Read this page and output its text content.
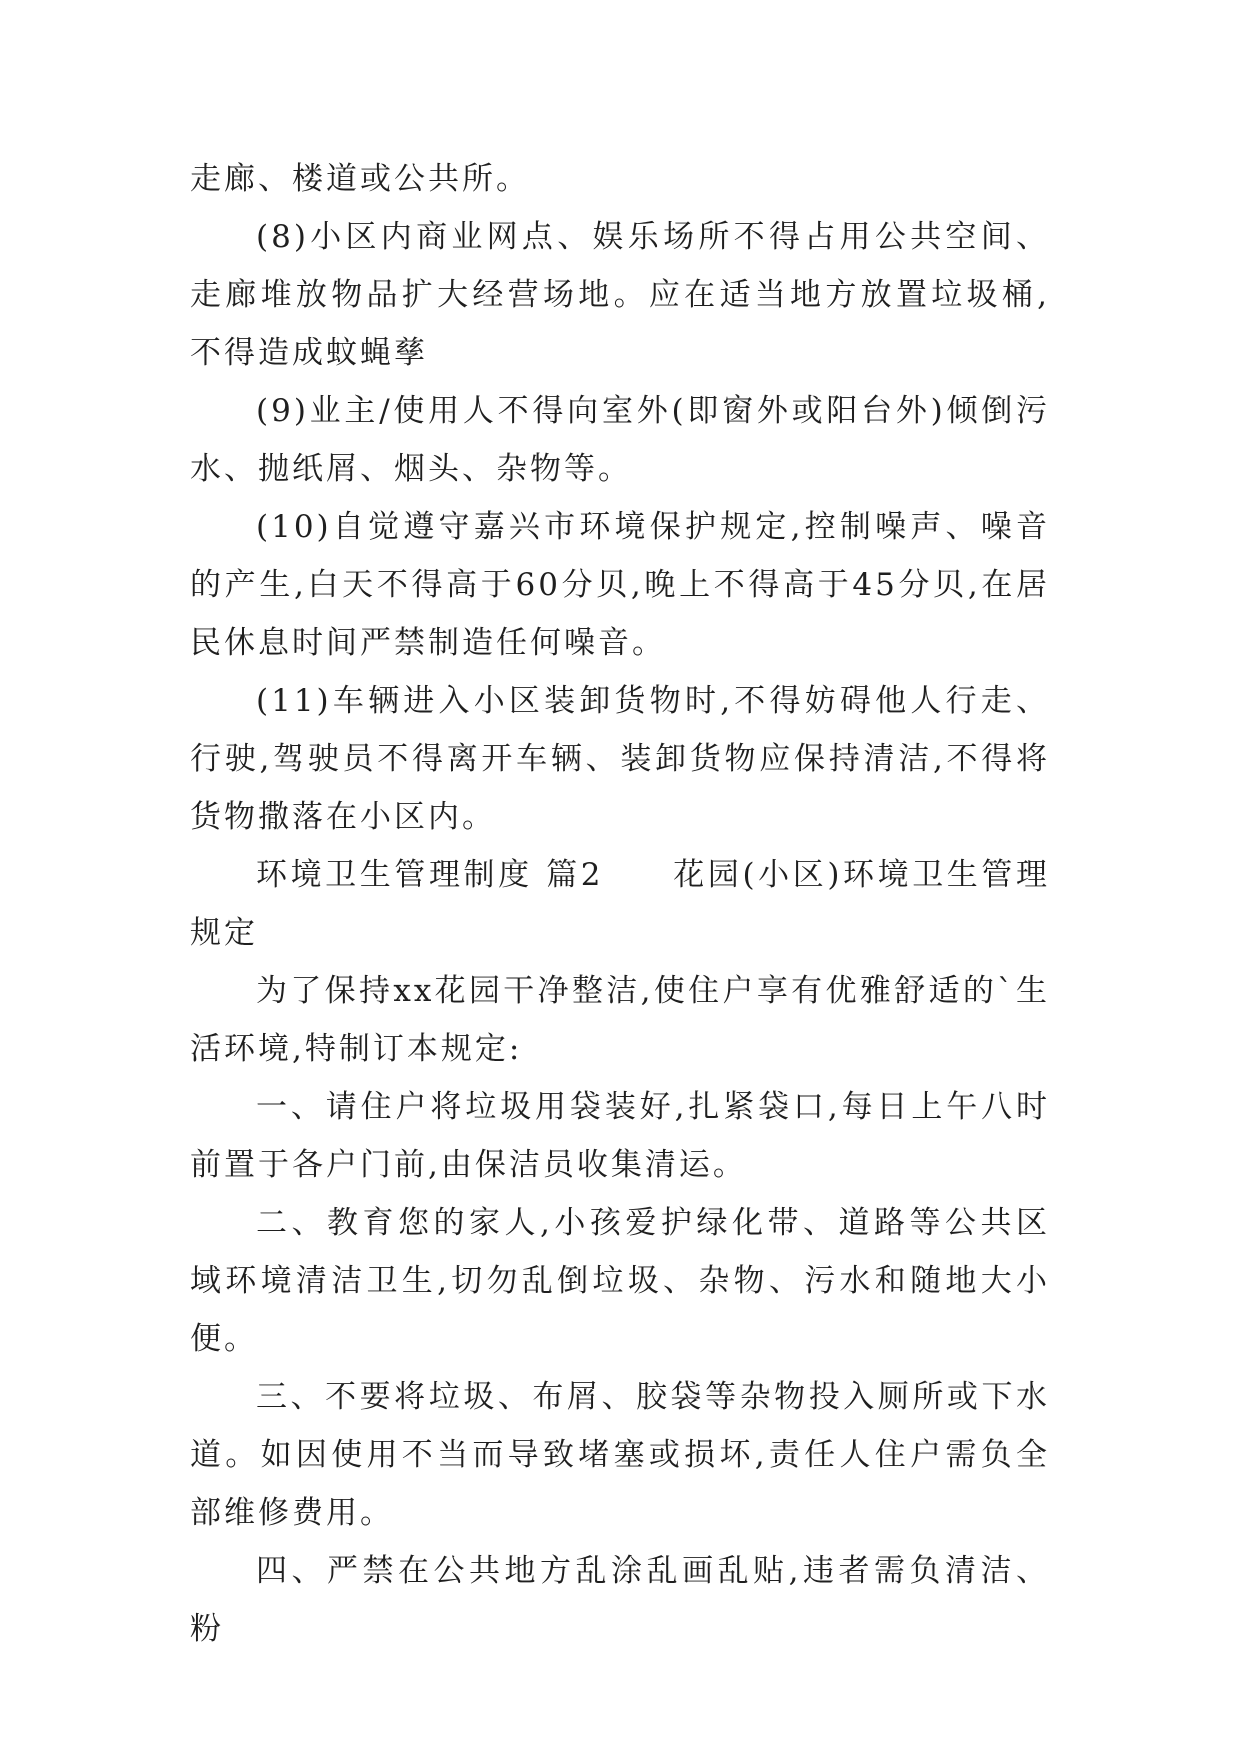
走廊、楼道或公共所。

(8)小区内商业网点、娱乐场所不得占用公共空间、走廊堆放物品扩大经营场地。应在适当地方放置垃圾桶,不得造成蚊蝇孳

(9)业主/使用人不得向室外(即窗外或阳台外)倾倒污水、抛纸屑、烟头、杂物等。

(10)自觉遵守嘉兴市环境保护规定,控制噪声、噪音的产生,白天不得高于60分贝,晚上不得高于45分贝,在居民休息时间严禁制造任何噪音。

(11)车辆进入小区装卸货物时,不得妨碍他人行走、行驶,驾驶员不得离开车辆、装卸货物应保持清洁,不得将货物撒落在小区内。

环境卫生管理制度 篇2　　花园(小区)环境卫生管理规定

为了保持xx花园干净整洁,使住户享有优雅舒适的`生活环境,特制订本规定:

一、请住户将垃圾用袋装好,扎紧袋口,每日上午八时前置于各户门前,由保洁员收集清运。

二、教育您的家人,小孩爱护绿化带、道路等公共区域环境清洁卫生,切勿乱倒垃圾、杂物、污水和随地大小便。

三、不要将垃圾、布屑、胶袋等杂物投入厕所或下水道。如因使用不当而导致堵塞或损坏,责任人住户需负全部维修费用。

四、严禁在公共地方乱涂乱画乱贴,违者需负清洁、粉
